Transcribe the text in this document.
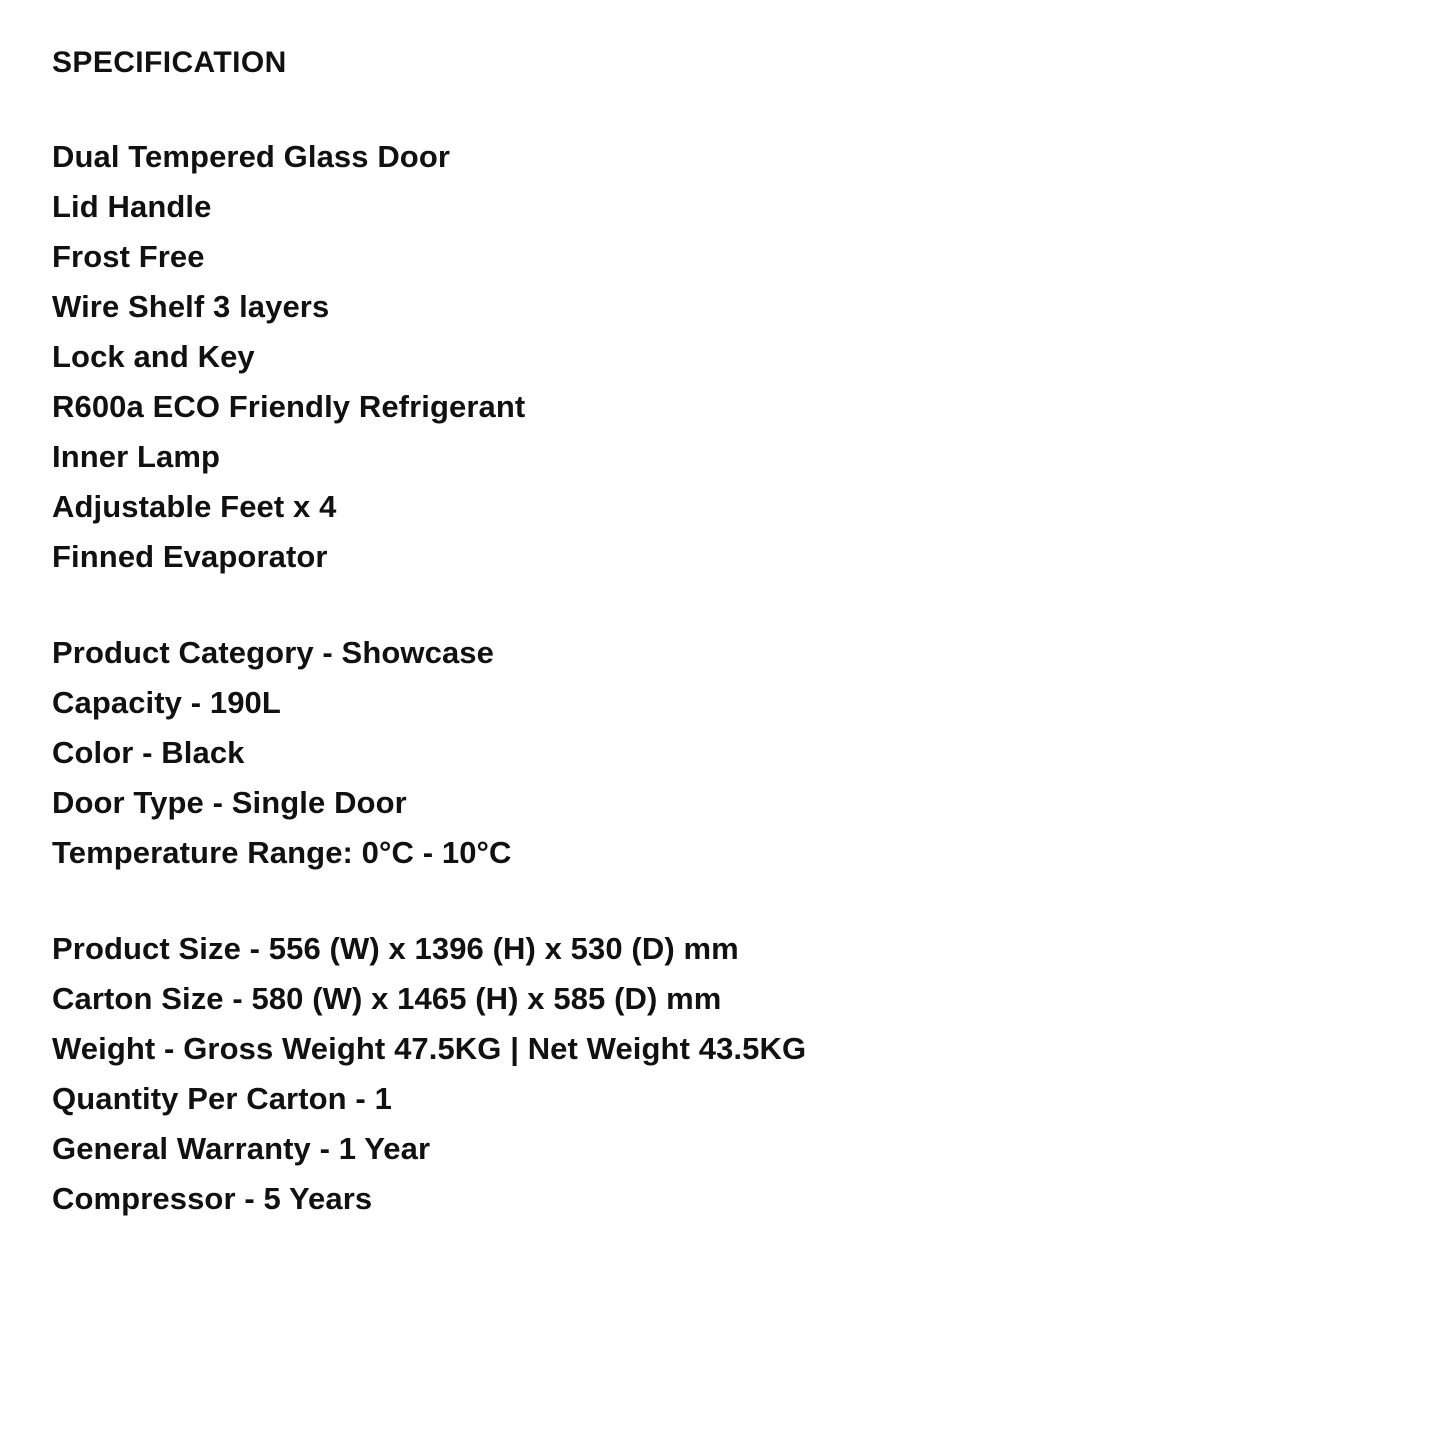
SPECIFICATION
Dual Tempered Glass Door
Lid Handle
Frost Free
Wire Shelf 3 layers
Lock and Key
R600a ECO Friendly Refrigerant
Inner Lamp
Adjustable Feet x 4
Finned Evaporator
Product Category - Showcase
Capacity - 190L
Color - Black
Door Type - Single Door
Temperature Range: 0°C - 10°C
Product Size - 556 (W) x 1396 (H) x 530 (D) mm
Carton Size - 580 (W) x 1465 (H) x 585 (D) mm
Weight - Gross Weight 47.5KG | Net Weight 43.5KG
Quantity Per Carton - 1
General Warranty - 1 Year
Compressor - 5 Years
